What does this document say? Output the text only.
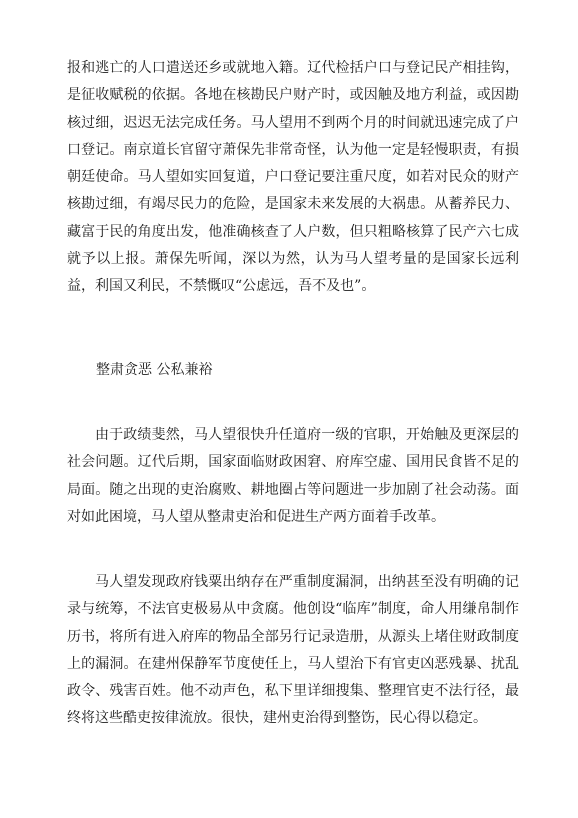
报和逃亡的人口遣送还乡或就地入籍。辽代检括户口与登记民产相挂钩，是征收赋税的依据。各地在核勘民户财产时，或因触及地方利益，或因勘核过细，迟迟无法完成任务。马人望用不到两个月的时间就迅速完成了户口登记。南京道长官留守萧保先非常奇怪，认为他一定是轻慢职责，有损朝廷使命。马人望如实回复道，户口登记要注重尺度，如若对民众的财产核勘过细，有竭尽民力的危险，是国家未来发展的大祸患。从蓄养民力、藏富于民的角度出发，他准确核查了人户数，但只粗略核算了民产六七成就予以上报。萧保先听闻，深以为然，认为马人望考量的是国家长远利益，利国又利民，不禁慨叹“公虑远，吾不及也”。

整肃贪恶 公私兼裕

由于政绩斐然，马人望很快升任道府一级的官职，开始触及更深层的社会问题。辽代后期，国家面临财政困窘、府库空虚、国用民食皆不足的局面。随之出现的吏治腐败、耕地圈占等问题进一步加剧了社会动荡。面对如此困境，马人望从整肃吏治和促进生产两方面着手改革。

马人望发现政府钱粟出纳存在严重制度漏洞，出纳甚至没有明确的记录与统筹，不法官吏极易从中贪腐。他创设“临库”制度，命人用缣帛制作历书，将所有进入府库的物品全部另行记录造册，从源头上堵住财政制度上的漏洞。在建州保静军节度使任上，马人望治下有官吏凶恶残暴、扰乱政令、残害百姓。他不动声色，私下里详细搜集、整理官吏不法行径，最终将这些酷吏按律流放。很快，建州吏治得到整饬，民心得以稳定。
